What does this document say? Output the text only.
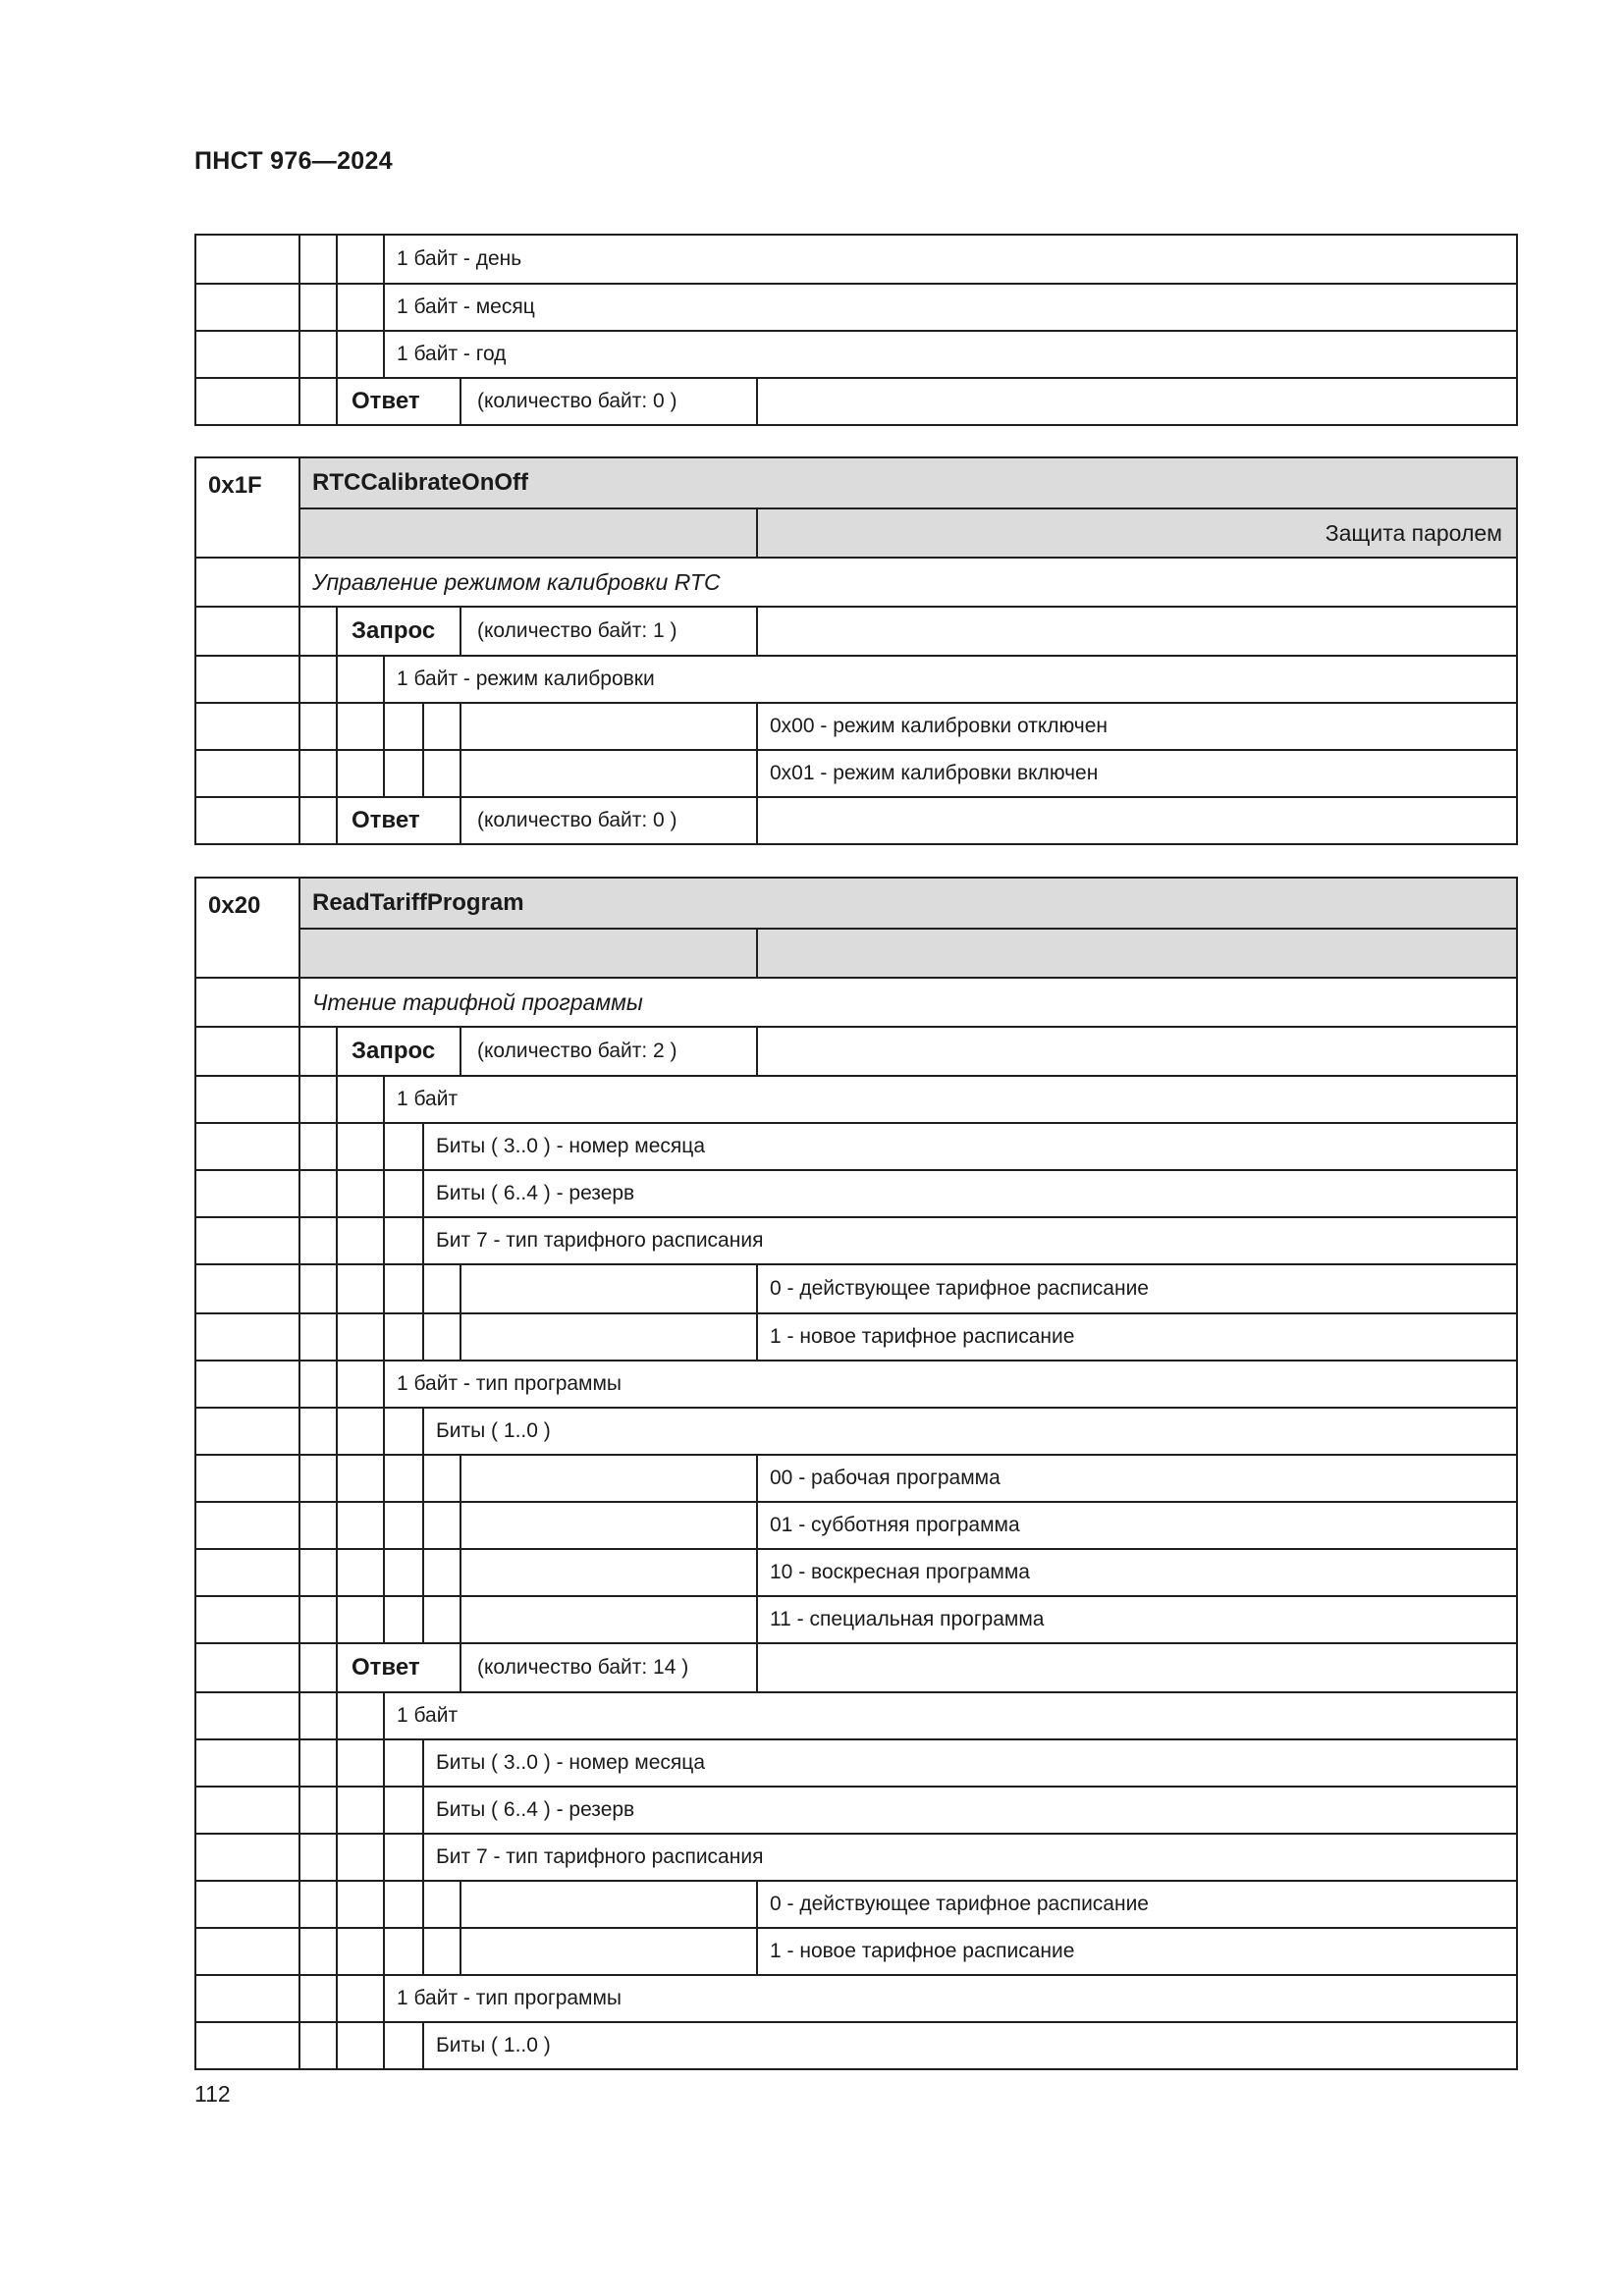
ПНСТ 976—2024
1 байт - день
1 байт - месяц
1 байт - год
Ответ	(количество байт: 0 )
0x1F	RTCCalibrateOnOff
Защита паролем
Управление режимом калибровки RTC
Запрос	(количество байт: 1 )
1 байт - режим калибровки
0x00 - режим калибровки отключен
0x01 - режим калибровки включен
Ответ	(количество байт: 0 )
0x20	ReadTariffProgram
Чтение тарифной программы
Запрос	(количество байт: 2 )
1 байт
Биты ( 3..0 ) - номер месяца
Биты ( 6..4 ) - резерв
Бит 7 - тип тарифного расписания
0 - действующее тарифное расписание
1 - новое тарифное расписание
1 байт - тип программы
Биты ( 1..0 )
00 - рабочая программа
01 - субботняя программа
10 - воскресная программа
11 - специальная программа
Ответ	(количество байт: 14 )
1 байт
Биты ( 3..0 ) - номер месяца
Биты ( 6..4 ) - резерв
Бит 7 - тип тарифного расписания
0 - действующее тарифное расписание
1 - новое тарифное расписание
1 байт - тип программы
Биты ( 1..0 )
112
